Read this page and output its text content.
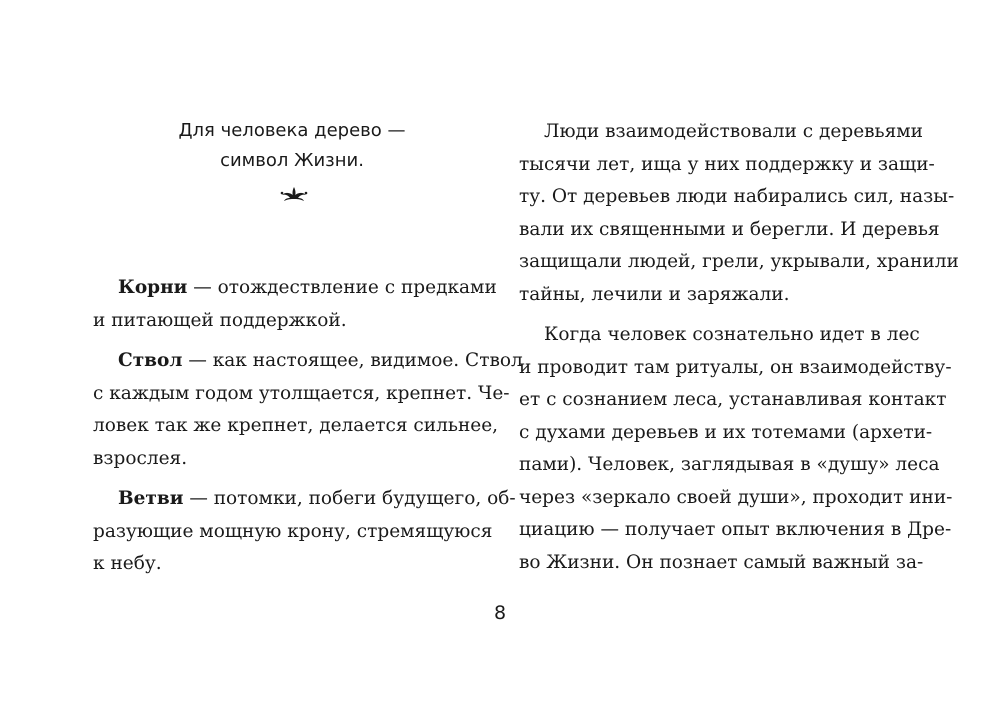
Для человека дерево —
символ Жизни.
Корни — отождествление с предками
и питающей поддержкой.
Ствол — как настоящее, видимое. Ствол
с каждым годом утолщается, крепнет. Че-
ловек так же крепнет, делается сильнее,
взрослея.
Ветви — потомки, побеги будущего, об-
разующие мощную крону, стремящуюся
к небу.
Люди взаимодействовали с деревьями
тысячи лет, ища у них поддержку и защи-
ту. От деревьев люди набирались сил, назы-
вали их священными и берегли. И деревья
защищали людей, грели, укрывали, хранили
тайны, лечили и заряжали.
Когда человек сознательно идет в лес
и проводит там ритуалы, он взаимодейству-
ет с сознанием леса, устанавливая контакт
с духами деревьев и их тотемами (архети-
пами). Человек, заглядывая в «душу» леса
через «зеркало своей души», проходит ини-
циацию — получает опыт включения в Дре-
во Жизни. Он познает самый важный за-
8
